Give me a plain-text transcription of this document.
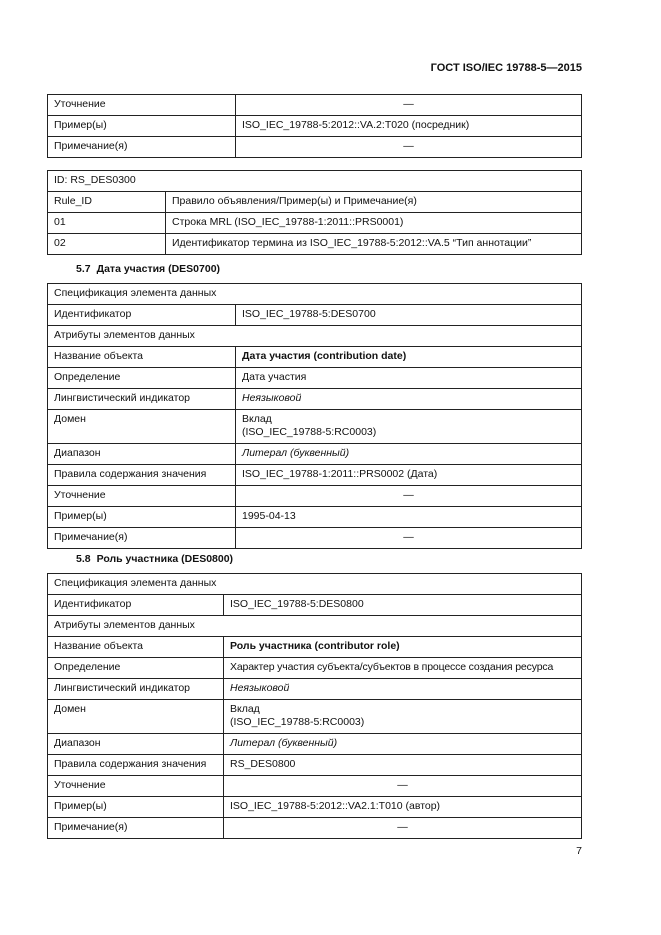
ГОСТ ISO/IEC 19788-5—2015
Уточнение	—
Пример(ы)	ISO_IEC_19788-5:2012::VA.2:T020 (посредник)
Примечание(я)	—
ID: RS_DES0300	
Rule_ID	Правило объявления/Пример(ы) и Примечание(я)
01	Строка MRL (ISO_IEC_19788-1:2011::PRS0001)
02	Идентификатор термина из ISO_IEC_19788-5:2012::VA.5 “Тип аннотации”
5.7 Дата участия (DES0700)
Спецификация элемента данных	
Идентификатор	ISO_IEC_19788-5:DES0700
Атрибуты элементов данных	
Название объекта	Дата участия (contribution date)
Определение	Дата участия
Лингвистический индикатор	Неязыковой
Домен	Вклад
(ISO_IEC_19788-5:RC0003)

Диапазон	Литерал (буквенный)
Правила содержания значения	ISO_IEC_19788-1:2011::PRS0002 (Дата)
Уточнение	—
Пример(ы)	1995-04-13
Примечание(я)	—
5.8 Роль участника (DES0800)
Спецификация элемента данных	
Идентификатор	ISO_IEC_19788-5:DES0800
Атрибуты элементов данных	
Название объекта	Роль участника (contributor role)
Определение	Характер участия субъекта/субъектов в процессе создания ресурса
Лингвистический индикатор	Неязыковой
Домен	Вклад
(ISO_IEC_19788-5:RC0003)

Диапазон	Литерал (буквенный)
Правила содержания значения	RS_DES0800
Уточнение	—
Пример(ы)	ISO_IEC_19788-5:2012::VA2.1:T010 (автор)
Примечание(я)	—
7
